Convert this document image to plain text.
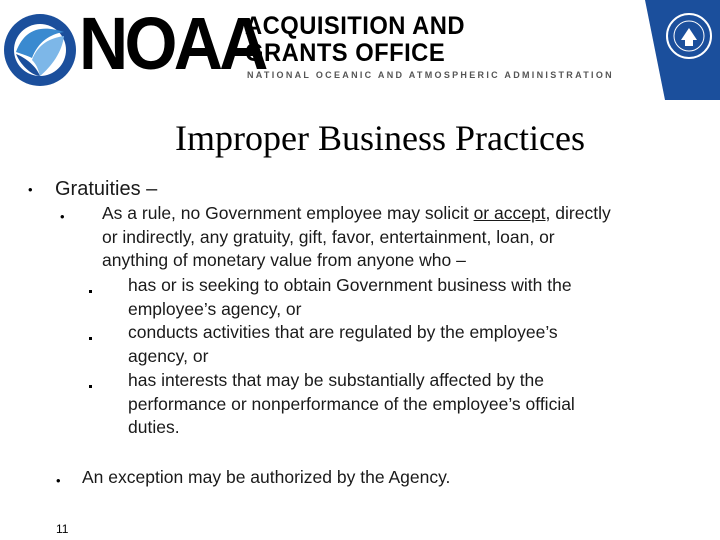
NOAA
ACQUISITION AND
GRANTS OFFICE
NATIONAL OCEANIC AND ATMOSPHERIC ADMINISTRATION
Improper Business Practices
• Gratuities –
• As a rule, no Government employee may solicit or accept, directly
or indirectly, any gratuity, gift, favor, entertainment, loan, or
anything of monetary value from anyone who –
has or is seeking to obtain Government business with the
employee’s agency, or
conducts activities that are regulated by the employee’s
agency, or
has interests that may be substantially affected by the
performance or nonperformance of the employee’s official
duties.
• An exception may be authorized by the Agency.
11
